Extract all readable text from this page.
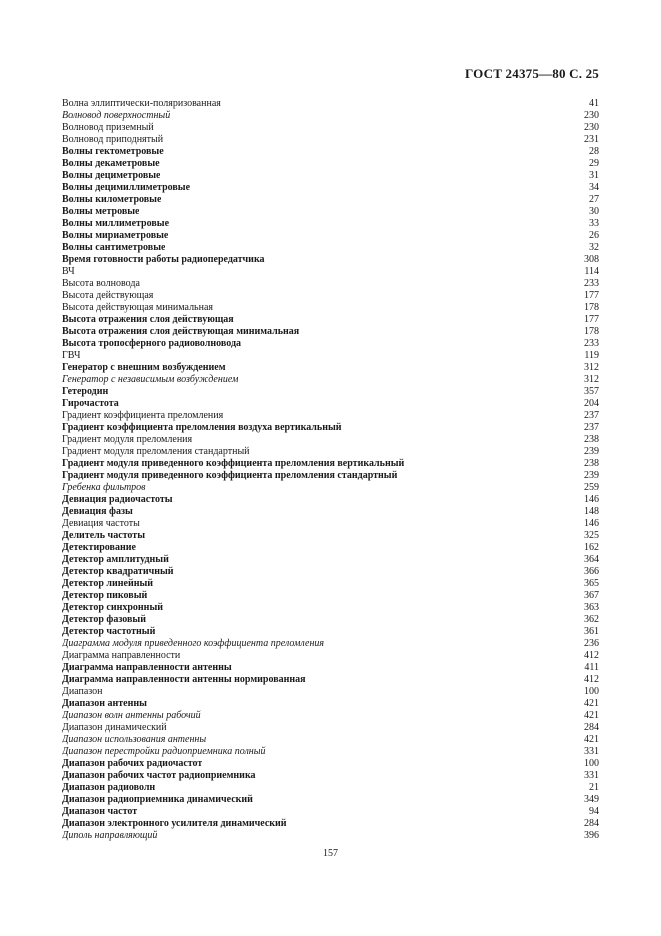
ГОСТ 24375—80 С. 25
Волна эллиптически-поляризованная	41
Волновод поверхностный	230
Волновод приземный	230
Волновод приподнятый	231
Волны гектометровые	28
Волны декаметровые	29
Волны дециметровые	31
Волны децимиллиметровые	34
Волны километровые	27
Волны метровые	30
Волны миллиметровые	33
Волны мириаметровые	26
Волны сантиметровые	32
Время готовности работы радиопередатчика	308
ВЧ	114
Высота волновода	233
Высота действующая	177
Высота действующая минимальная	178
Высота отражения слоя действующая	177
Высота отражения слоя действующая минимальная	178
Высота тропосферного радиоволновода	233
ГВЧ	119
Генератор с внешним возбуждением	312
Генератор с независимым возбуждением	312
Гетеродин	357
Гирочастота	204
Градиент коэффициента преломления	237
Градиент коэффициента преломления воздуха вертикальный	237
Градиент модуля преломления	238
Градиент модуля преломления стандартный	239
Градиент модуля приведенного коэффициента преломления вертикальный	238
Градиент модуля приведенного коэффициента преломления стандартный	239
Гребенка фильтров	259
Девиация радиочастоты	146
Девиация фазы	148
Девиация частоты	146
Делитель частоты	325
Детектирование	162
Детектор амплитудный	364
Детектор квадратичный	366
Детектор линейный	365
Детектор пиковый	367
Детектор синхронный	363
Детектор фазовый	362
Детектор частотный	361
Диаграмма модуля приведенного коэффициента преломления	236
Диаграмма направленности	412
Диаграмма направленности антенны	411
Диаграмма направленности антенны нормированная	412
Диапазон	100
Диапазон антенны	421
Диапазон волн антенны рабочий	421
Диапазон динамический	284
Диапазон использования антенны	421
Диапазон перестройки радиоприемника полный	331
Диапазон рабочих радиочастот	100
Диапазон рабочих частот радиоприемника	331
Диапазон радиоволн	21
Диапазон радиоприемника динамический	349
Диапазон частот	94
Диапазон электронного усилителя динамический	284
Диполь направляющий	396
157
